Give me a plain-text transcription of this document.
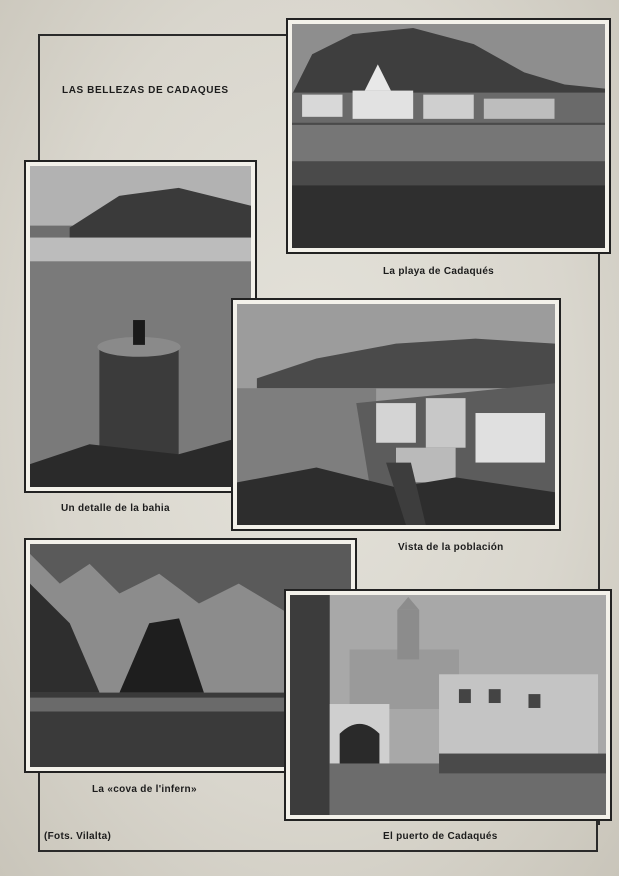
LAS BELLEZAS DE CADAQUES
La playa de Cadaqués
Un detalle de la bahia
Vista de la población
La «cova de l'infern»
El puerto de Cadaqués
(Fots. Vilalta)
